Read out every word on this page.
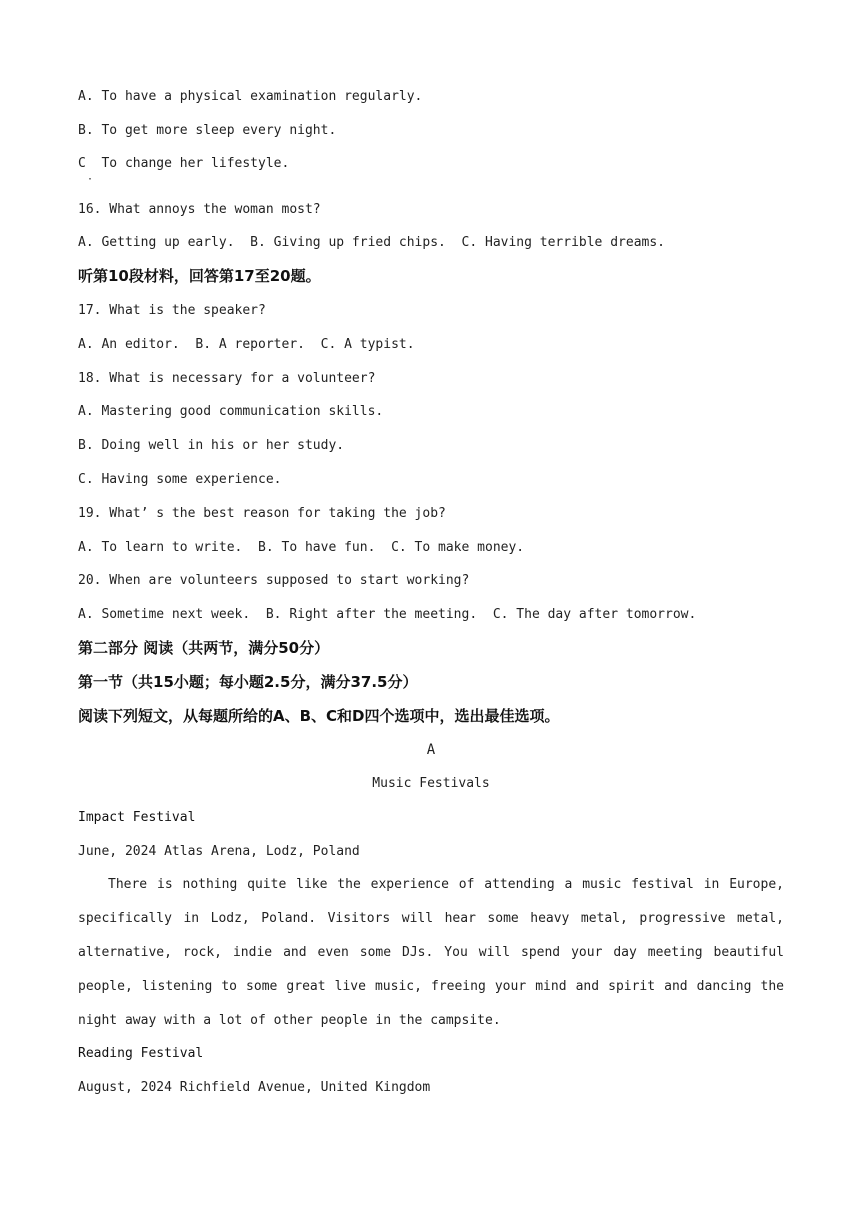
A. To have a physical examination regularly.
B. To get more sleep every night.
C  To change her lifestyle.
·
16. What annoys the woman most?
A. Getting up early.  B. Giving up fried chips.  C. Having terrible dreams.
听第10段材料，回答第17至20题。
17. What is the speaker?
A. An editor.  B. A reporter.  C. A typist.
18. What is necessary for a volunteer?
A. Mastering good communication skills.
B. Doing well in his or her study.
C. Having some experience.
19. What’ s the best reason for taking the job?
A. To learn to write.  B. To have fun.  C. To make money.
20. When are volunteers supposed to start working?
A. Sometime next week.  B. Right after the meeting.  C. The day after tomorrow.
第二部分 阅读（共两节，满分50分）
第一节（共15小题；每小题2.5分，满分37.5分）
阅读下列短文，从每题所给的A、B、C和D四个选项中，选出最佳选项。
A
Music Festivals
Impact Festival
June, 2024 Atlas Arena, Lodz, Poland
There is nothing quite like the experience of attending a music festival in Europe, specifically in Lodz, Poland. Visitors will hear some heavy metal, progressive metal, alternative, rock, indie and even some DJs. You will spend your day meeting beautiful people, listening to some great live music, freeing your mind and spirit and dancing the night away with a lot of other people in the campsite.
Reading Festival
August, 2024 Richfield Avenue, United Kingdom
